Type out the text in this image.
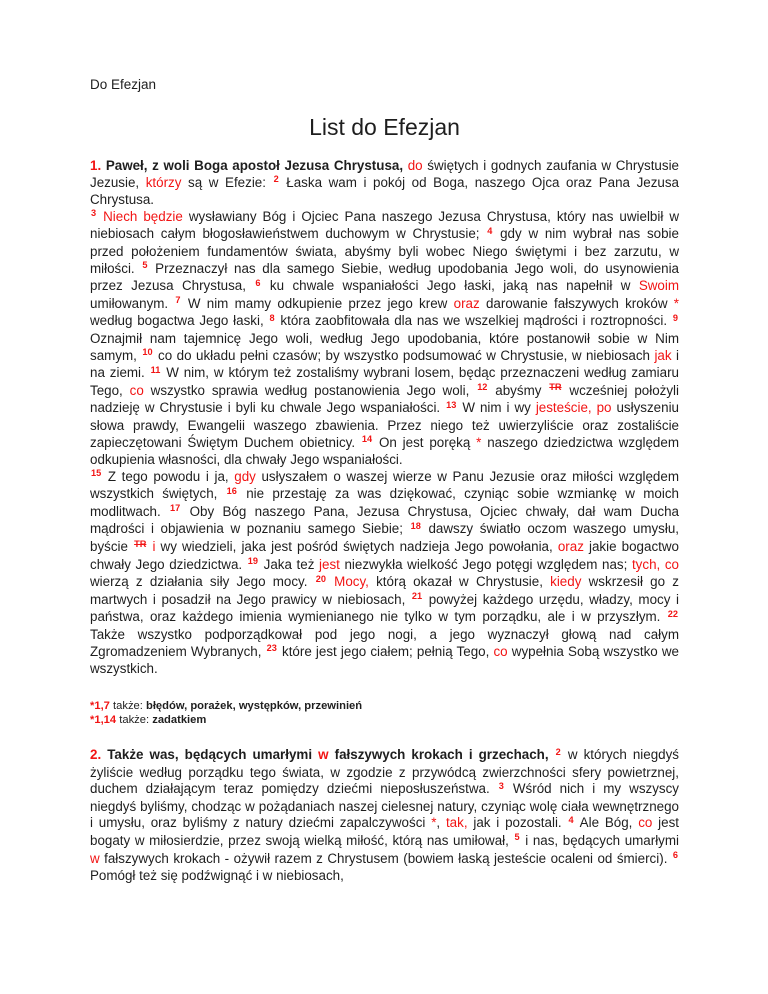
Do Efezjan
List do Efezjan

1. Paweł, z woli Boga apostoł Jezusa Chrystusa, do świętych i godnych zaufania w Chrystusie Jezusie, którzy są w Efezie: $^2$ Łaska wam i pokój od Boga, naszego Ojca oraz Pana Jezusa Chrystusa.
$^3$ Niech będzie wysławiany Bóg i Ojciec Pana naszego Jezusa Chrystusa, który nas uwielbił w niebiosach całym błogosławieństwem duchowym w Chrystusie; $^4$ gdy w nim wybrał nas sobie przed położeniem fundamentów świata, abyśmy byli wobec Niego świętymi i bez zarzutu, w miłości. $^5$ Przeznaczył nas dla samego Siebie, według upodobania Jego woli, do usynowienia przez Jezusa Chrystusa, $^6$ ku chwale wspaniałości Jego łaski, jaką nas napełnił w Swoim umiłowanym. $^7$ W nim mamy odkupienie przez jego krew oraz darowanie fałszywych kroków * według bogactwa Jego łaski, $^8$ która zaobfitowała dla nas we wszelkiej mądrości i roztropności. $^9$ Oznajmił nam tajemnicę Jego woli, według Jego upodobania, które postanowił sobie w Nim samym, $^{10}$ co do układu pełni czasów; by wszystko podsumować w Chrystusie, w niebiosach jak i na ziemi. $^{11}$ W nim, w którym też zostaliśmy wybrani losem, będąc przeznaczeni według zamiaru Tego, co wszystko sprawia według postanowienia Jego woli, $^{12}$ abyśmy $^{TR}$ wcześniej położyli nadzieję w Chrystusie i byli ku chwale Jego wspaniałości. $^{13}$ W nim i wy jesteście, po usłyszeniu słowa prawdy, Ewangelii waszego zbawienia. Przez niego też uwierzyliście oraz zostaliście zapieczętowani Świętym Duchem obietnicy. $^{14}$ On jest poręką * naszego dziedzictwa względem odkupienia własności, dla chwały Jego wspaniałości.
$^{15}$ Z tego powodu i ja, gdy usłyszałem o waszej wierze w Panu Jezusie oraz miłości względem wszystkich świętych, $^{16}$ nie przestaję za was dziękować, czyniąc sobie wzmiankę w moich modlitwach. $^{17}$ Oby Bóg naszego Pana, Jezusa Chrystusa, Ojciec chwały, dał wam Ducha mądrości i objawienia w poznaniu samego Siebie; $^{18}$ dawszy światło oczom waszego umysłu, byście $^{TR}$ i wy wiedzieli, jaka jest pośród świętych nadzieja Jego powołania, oraz jakie bogactwo chwały Jego dziedzictwa. $^{19}$ Jaka też jest niezwykła wielkość Jego potęgi względem nas; tych, co wierzą z działania siły Jego mocy. $^{20}$ Mocy, którą okazał w Chrystusie, kiedy wskrzesił go z martwych i posadził na Jego prawicy w niebiosach, $^{21}$ powyżej każdego urzędu, władzy, mocy i państwa, oraz każdego imienia wymienianego nie tylko w tym porządku, ale i w przyszłym. $^{22}$ Także wszystko podporządkował pod jego nogi, a jego wyznaczył głową nad całym Zgromadzeniem Wybranych, $^{23}$ które jest jego ciałem; pełnią Tego, co wypełnia Sobą wszystko we wszystkich.

*1,7 także: błędów, porażek, występków, przewinień
*1,14 także: zadatkiem

2. Także was, będących umarłymi w fałszywych krokach i grzechach, $^2$ w których niegdyś żyliście według porządku tego świata, w zgodzie z przywódcą zwierzchności sfery powietrznej, duchem działającym teraz pomiędzy dziećmi nieposłuszeństwa. $^3$ Wśród nich i my wszyscy niegdyś byliśmy, chodząc w pożądaniach naszej cielesnej natury, czyniąc wolę ciała wewnętrznego i umysłu, oraz byliśmy z natury dziećmi zapalczywości *, tak, jak i pozostali. $^4$ Ale Bóg, co jest bogaty w miłosierdzie, przez swoją wielką miłość, którą nas umiłował, $^5$ i nas, będących umarłymi w fałszywych krokach - ożywił razem z Chrystusem (bowiem łaską jesteście ocaleni od śmierci). $^6$ Pomógł też się podźwignąć i w niebiosach,
